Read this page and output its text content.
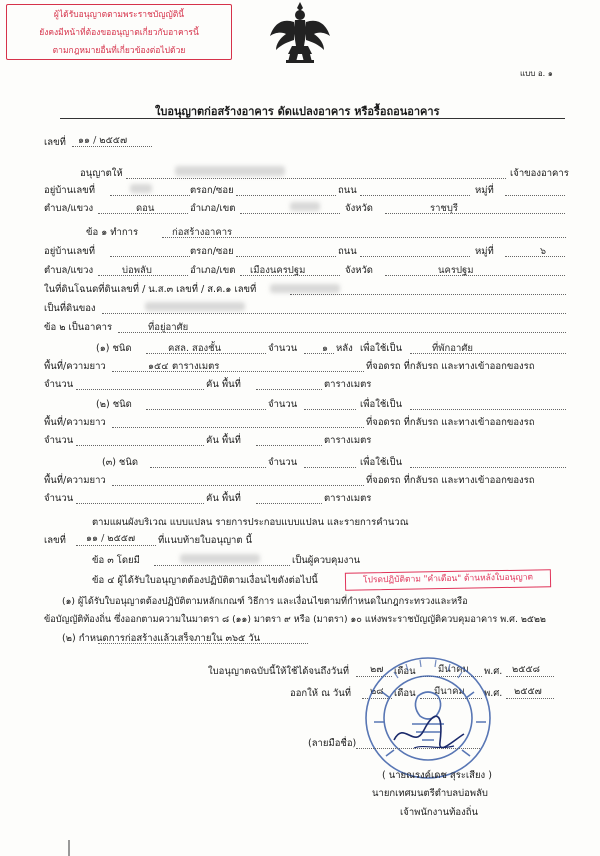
ผู้ได้รับอนุญาตตามพระราชบัญญัตินี้
ยังคงมีหน้าที่ต้องขออนุญาตเกี่ยวกับอาคารนี้
ตามกฎหมายอื่นที่เกี่ยวข้องต่อไปด้วย
แบบ อ. ๑
ใบอนุญาตก่อสร้างอาคาร ดัดแปลงอาคาร หรือรื้อถอนอาคาร
เลขที่ ๑๑ / ๒๕๕๗
อนุญาตให้	เจ้าของอาคาร
อยู่บ้านเลขที่	ตรอก/ซอย	ถนน	หมู่ที่
ตำบล/แขวง	ดอน	อำเภอ/เขต	จังหวัด	ราชบุรี
ข้อ ๑ ทำการ	ก่อสร้างอาคาร
อยู่บ้านเลขที่	ตรอก/ซอย	ถนน	หมู่ที่	๖
ตำบล/แขวง	บ่อพลับ	อำเภอ/เขต เมืองนครปฐม	จังหวัด	นครปฐม
ในที่ดินโฉนดที่ดินเลขที่ / น.ส.๓ เลขที่ / ส.ค.๑ เลขที่
เป็นที่ดินของ
ข้อ ๒ เป็นอาคาร	ที่อยู่อาศัย
(๑) ชนิด	คสล. สองชั้น	จำนวน	๑ หลัง เพื่อใช้เป็น	ที่พักอาศัย
พื้นที่/ความยาว	๑๕๔ ตารางเมตร	ที่จอดรถ ที่กลับรถ และทางเข้าออกของรถ
จำนวน	คัน พื้นที่	ตารางเมตร
(๒) ชนิด	จำนวน	เพื่อใช้เป็น
พื้นที่/ความยาว	ที่จอดรถ ที่กลับรถ และทางเข้าออกของรถ
จำนวน	คัน พื้นที่	ตารางเมตร
(๓) ชนิด	จำนวน	เพื่อใช้เป็น
พื้นที่/ความยาว	ที่จอดรถ ที่กลับรถ และทางเข้าออกของรถ
จำนวน	คัน พื้นที่	ตารางเมตร
ตามแผนผังบริเวณ แบบแปลน รายการประกอบแบบแปลน และรายการคำนวณ
เลขที่ ๑๑ / ๒๕๕๗ ที่แนบท้ายใบอนุญาต นี้
ข้อ ๓ โดยมี	เป็นผู้ควบคุมงาน
ข้อ ๔ ผู้ได้รับใบอนุญาตต้องปฏิบัติตามเงื่อนไขดังต่อไปนี้	โปรดปฏิบัติตาม "คำเตือน" ด้านหลังใบอนุญาต
(๑) ผู้ได้รับใบอนุญาตต้องปฏิบัติตามหลักเกณฑ์ วิธีการ และเงื่อนไขตามที่กำหนดในกฎกระทรวงและหรือ
ข้อบัญญัติท้องถิ่น ซึ่งออกตามความในมาตรา ๘ (๑๑) มาตรา ๙ หรือ (มาตรา) ๑๐ แห่งพระราชบัญญัติควบคุมอาคาร พ.ศ. ๒๕๒๒
(๒) กำหนดการก่อสร้างแล้วเสร็จภายใน ๓๖๕ วัน
ใบอนุญาตฉบับนี้ให้ใช้ได้จนถึงวันที่ ๒๗ เดือน มีนาคม พ.ศ. ๒๕๕๘
ออกให้ ณ วันที่ ๒๘ เดือน มีนาคม พ.ศ. ๒๕๕๗
(ลายมือชื่อ)
( นายณรงค์เดช สุระเสียง )
นายกเทศมนตรีตำบลบ่อพลับ
เจ้าพนักงานท้องถิ่น
